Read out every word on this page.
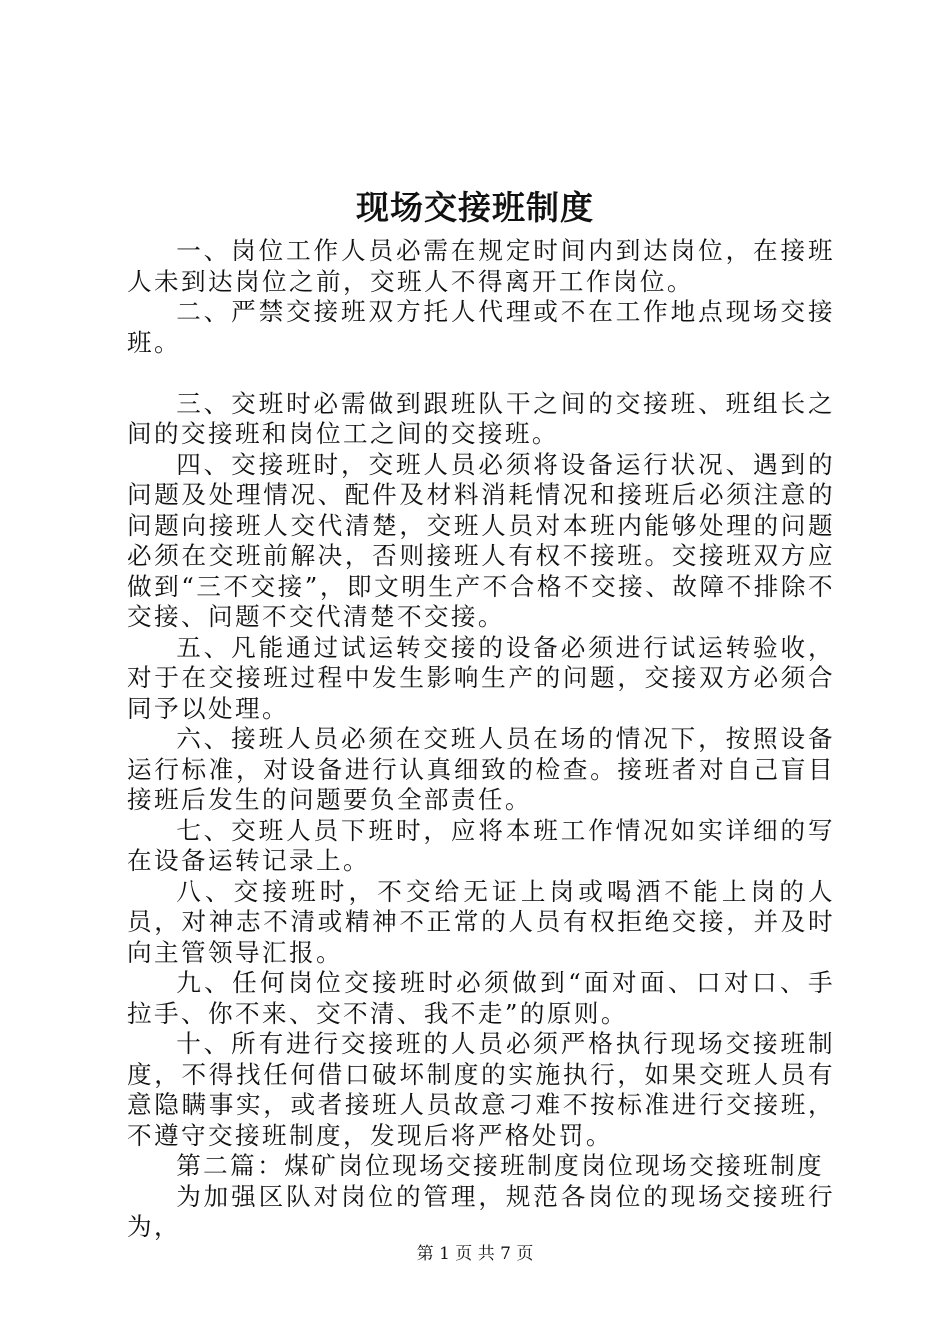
现场交接班制度

一、岗位工作人员必需在规定时间内到达岗位，在接班人未到达岗位之前，交班人不得离开工作岗位。

二、严禁交接班双方托人代理或不在工作地点现场交接班。

三、交班时必需做到跟班队干之间的交接班、班组长之间的交接班和岗位工之间的交接班。

四、交接班时，交班人员必须将设备运行状况、遇到的问题及处理情况、配件及材料消耗情况和接班后必须注意的问题向接班人交代清楚，交班人员对本班内能够处理的问题必须在交班前解决，否则接班人有权不接班。交接班双方应做到“三不交接”，即文明生产不合格不交接、故障不排除不交接、问题不交代清楚不交接。

五、凡能通过试运转交接的设备必须进行试运转验收，对于在交接班过程中发生影响生产的问题，交接双方必须合同予以处理。

六、接班人员必须在交班人员在场的情况下，按照设备运行标准，对设备进行认真细致的检查。接班者对自己盲目接班后发生的问题要负全部责任。

七、交班人员下班时，应将本班工作情况如实详细的写在设备运转记录上。

八、交接班时，不交给无证上岗或喝酒不能上岗的人员，对神志不清或精神不正常的人员有权拒绝交接，并及时向主管领导汇报。

九、任何岗位交接班时必须做到“面对面、口对口、手拉手、你不来、交不清、我不走”的原则。

十、所有进行交接班的人员必须严格执行现场交接班制度，不得找任何借口破坏制度的实施执行，如果交班人员有意隐瞒事实，或者接班人员故意刁难不按标准进行交接班，不遵守交接班制度，发现后将严格处罚。

第二篇：煤矿岗位现场交接班制度岗位现场交接班制度

为加强区队对岗位的管理，规范各岗位的现场交接班行为，

第 1 页 共 7 页
